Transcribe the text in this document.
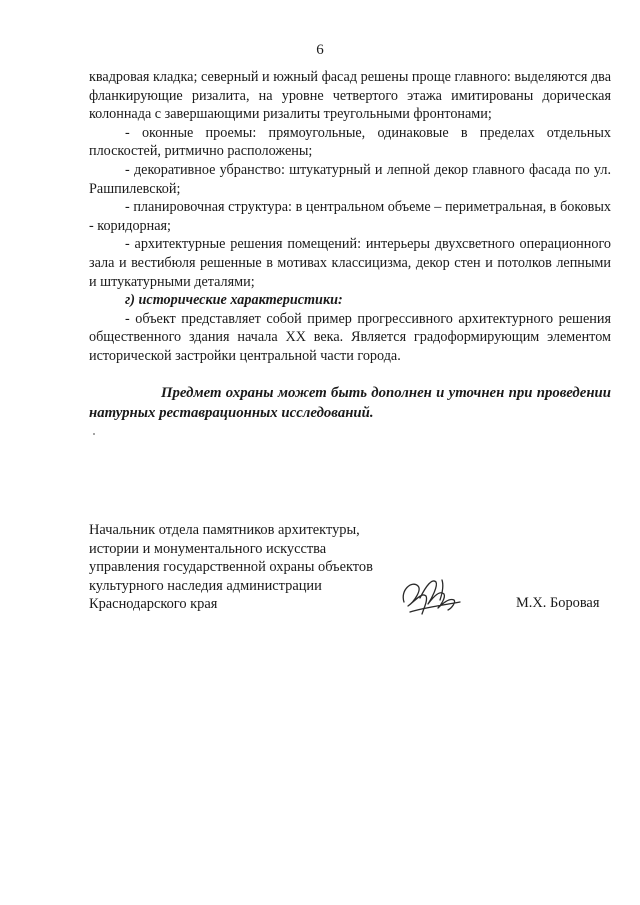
6

квадровая кладка; северный и южный фасад решены проще главного: выделяются два фланкирующие ризалита, на уровне четвертого этажа имитированы дорическая колоннада с завершающими ризалиты треугольными фронтонами;

- оконные проемы: прямоугольные, одинаковые в пределах отдельных плоскостей, ритмично расположены;

- декоративное убранство: штукатурный и лепной декор главного фасада по ул. Рашпилевской;

- планировочная структура: в центральном объеме – периметральная, в боковых - коридорная;

- архитектурные решения помещений: интерьеры двухсветного операционного зала и вестибюля решенные в мотивах классицизма, декор стен и потолков лепными и штукатурными деталями;

г) исторические характеристики:

- объект представляет собой пример прогрессивного архитектурного решения общественного здания начала XX века. Является градоформирующим элементом исторической застройки центральной части города.

Предмет охраны может быть дополнен и уточнен при проведении натурных реставрационных исследований.

Начальник отдела памятников архитектуры,
истории и монументального искусства
управления государственной охраны объектов
культурного наследия администрации
Краснодарского края	М.Х. Боровая
